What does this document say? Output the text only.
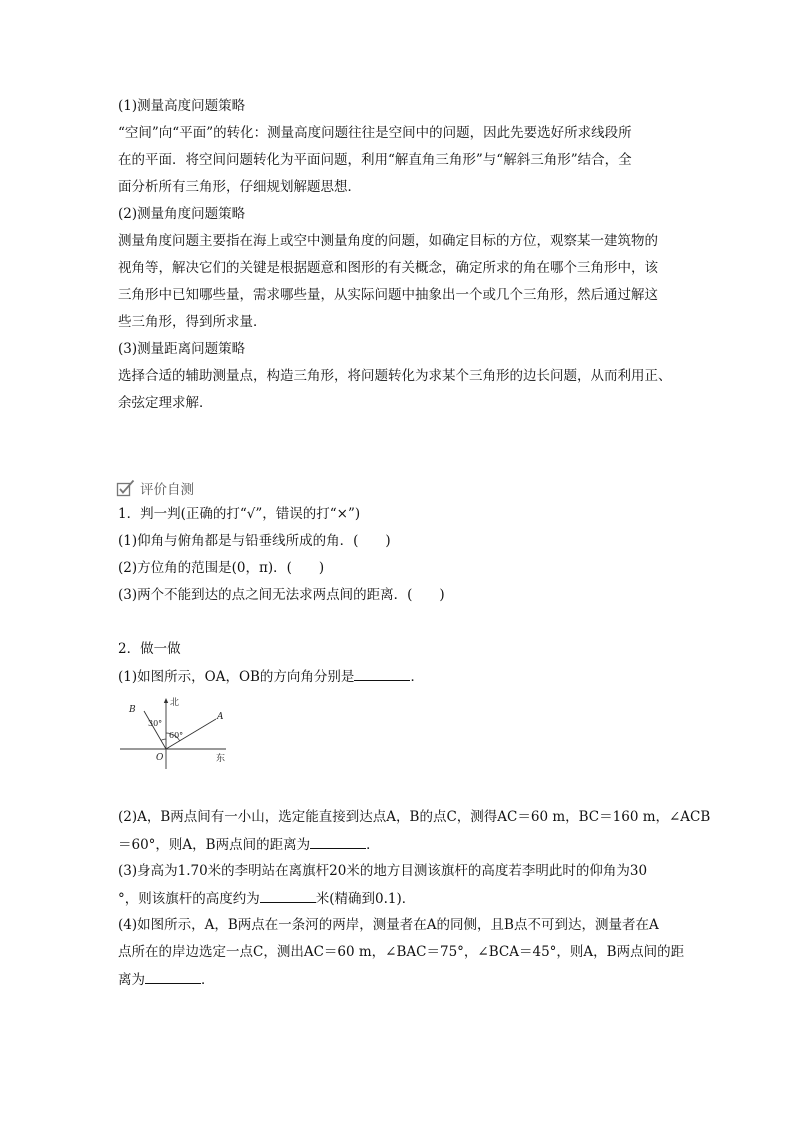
(1)测量高度问题策略
“空间”向“平面”的转化：测量高度问题往往是空间中的问题，因此先要选好所求线段所
在的平面．将空间问题转化为平面问题，利用“解直角三角形”与“解斜三角形”结合，全
面分析所有三角形，仔细规划解题思想．
(2)测量角度问题策略
测量角度问题主要指在海上或空中测量角度的问题，如确定目标的方位，观察某一建筑物的
视角等，解决它们的关键是根据题意和图形的有关概念，确定所求的角在哪个三角形中，该
三角形中已知哪些量，需求哪些量，从实际问题中抽象出一个或几个三角形，然后通过解这
些三角形，得到所求量．
(3)测量距离问题策略
选择合适的辅助测量点，构造三角形，将问题转化为求某个三角形的边长问题，从而利用正、
余弦定理求解．
评价自测
1．判一判(正确的打“√”，错误的打“×”)
(1)仰角与俯角都是与铅垂线所成的角．(　　)
(2)方位角的范围是(0，π)．(　　)
(3)两个不能到达的点之间无法求两点间的距离．(　　)
2．做一做
(1)如图所示，OA，OB的方向角分别是	．
B
A
O
北
东
30°
60°
(2)A，B两点间有一小山，选定能直接到达点A，B的点C，测得AC＝60 m，BC＝160 m，∠ACB
＝60°，则A，B两点间的距离为	．
(3)身高为1.70米的李明站在离旗杆20米的地方目测该旗杆的高度若李明此时的仰角为30
°，则该旗杆的高度约为	米(精确到0.1)．
(4)如图所示，A，B两点在一条河的两岸，测量者在A的同侧，且B点不可到达，测量者在A
点所在的岸边选定一点C，测出AC＝60 m，∠BAC＝75°，∠BCA＝45°，则A，B两点间的距
离为	．
